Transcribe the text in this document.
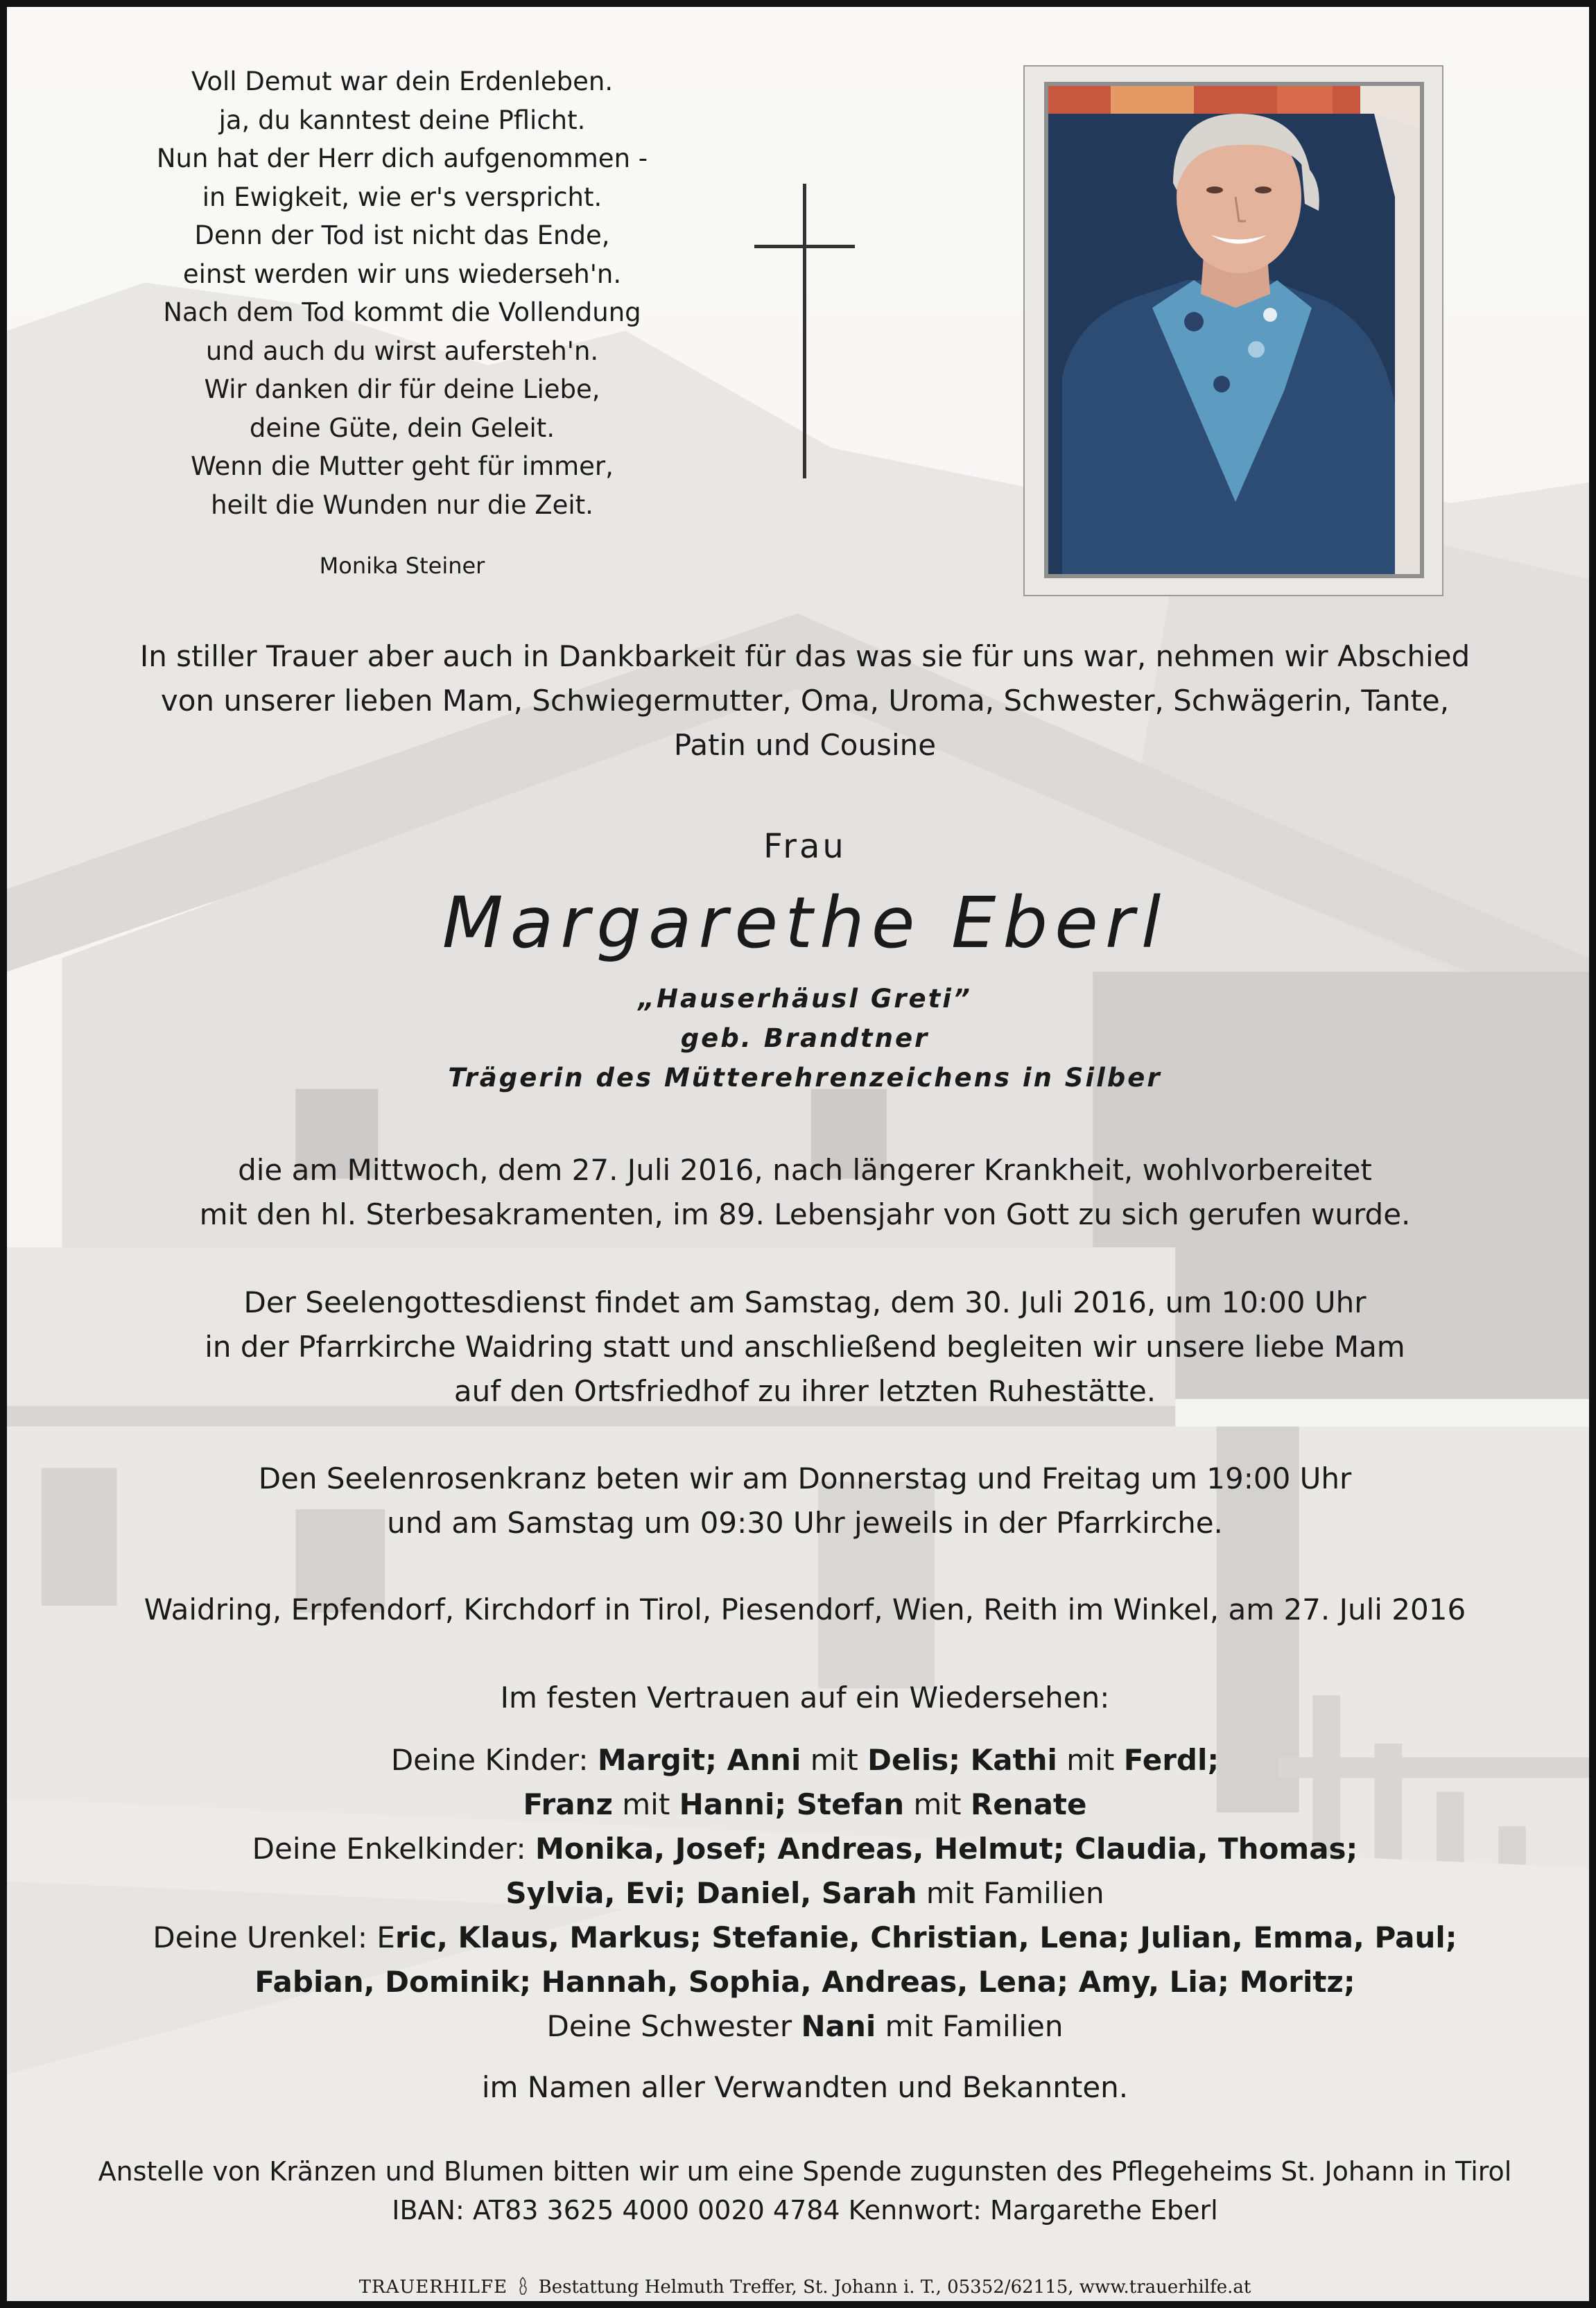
Voll Demut war dein Erdenleben.
ja, du kanntest deine Pflicht.
Nun hat der Herr dich aufgenommen -
in Ewigkeit, wie er's verspricht.
Denn der Tod ist nicht das Ende,
einst werden wir uns wiederseh'n.
Nach dem Tod kommt die Vollendung
und auch du wirst aufersteh'n.
Wir danken dir für deine Liebe,
deine Güte, dein Geleit.
Wenn die Mutter geht für immer,
heilt die Wunden nur die Zeit.
Monika Steiner
In stiller Trauer aber auch in Dankbarkeit für das was sie für uns war, nehmen wir Abschied
von unserer lieben Mam, Schwiegermutter, Oma, Uroma, Schwester, Schwägerin, Tante,
Patin und Cousine
Frau
Margarethe Eberl
„Hauserhäusl Greti”
geb. Brandtner
Trägerin des Mütterehrenzeichens in Silber
die am Mittwoch, dem 27. Juli 2016, nach längerer Krankheit, wohlvorbereitet
mit den hl. Sterbesakramenten, im 89. Lebensjahr von Gott zu sich gerufen wurde.
Der Seelengottesdienst findet am Samstag, dem 30. Juli 2016, um 10:00 Uhr
in der Pfarrkirche Waidring statt und anschließend begleiten wir unsere liebe Mam
auf den Ortsfriedhof zu ihrer letzten Ruhestätte.
Den Seelenrosenkranz beten wir am Donnerstag und Freitag um 19:00 Uhr
und am Samstag um 09:30 Uhr jeweils in der Pfarrkirche.
Waidring, Erpfendorf, Kirchdorf in Tirol, Piesendorf, Wien, Reith im Winkel, am 27. Juli 2016
Im festen Vertrauen auf ein Wiedersehen:
Deine Kinder: Margit; Anni mit Delis; Kathi mit Ferdl;
Franz mit Hanni; Stefan mit Renate
Deine Enkelkinder: Monika, Josef; Andreas, Helmut; Claudia, Thomas;
Sylvia, Evi; Daniel, Sarah mit Familien
Deine Urenkel: Eric, Klaus, Markus; Stefanie, Christian, Lena; Julian, Emma, Paul;
Fabian, Dominik; Hannah, Sophia, Andreas, Lena; Amy, Lia; Moritz;
Deine Schwester Nani mit Familien
im Namen aller Verwandten und Bekannten.
Anstelle von Kränzen und Blumen bitten wir um eine Spende zugunsten des Pflegeheims St. Johann in Tirol
IBAN: AT83 3625 4000 0020 4784 Kennwort: Margarethe Eberl
TRAUERHILFE Bestattung Helmuth Treffer, St. Johann i. T., 05352/62115, www.trauerhilfe.at
